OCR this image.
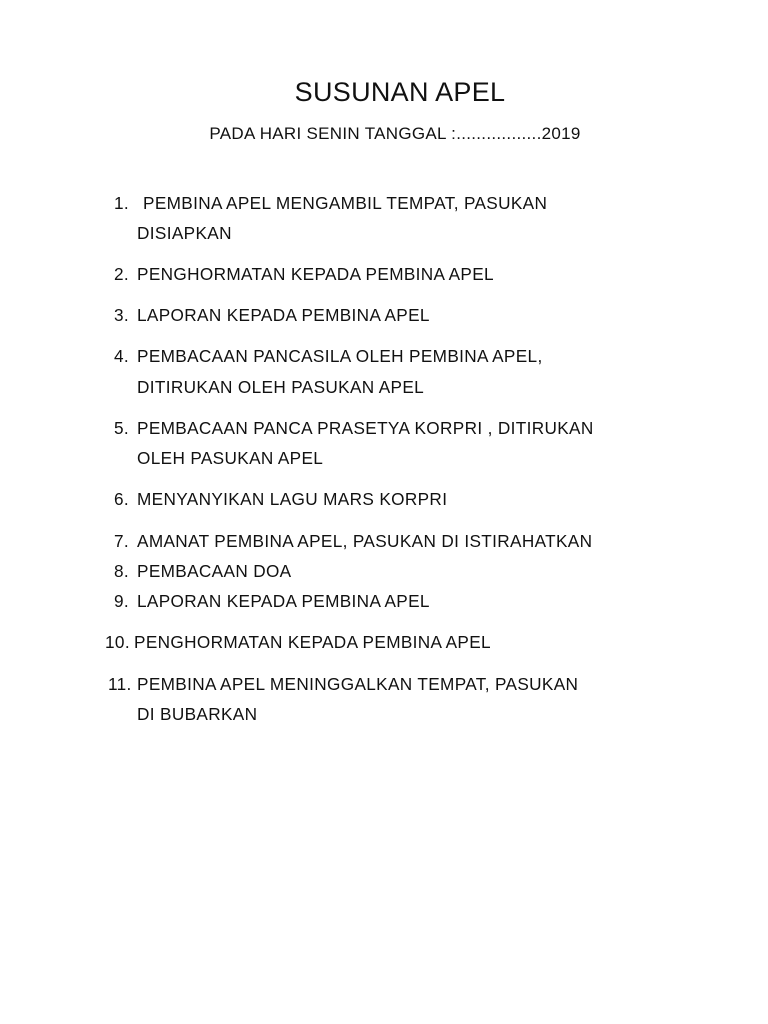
SUSUNAN APEL
PADA HARI SENIN TANGGAL :.................2019
1. PEMBINA APEL MENGAMBIL TEMPAT, PASUKAN
DISIAPKAN
2. PENGHORMATAN KEPADA PEMBINA APEL
3. LAPORAN KEPADA PEMBINA APEL
4. PEMBACAAN PANCASILA OLEH PEMBINA APEL,
DITIRUKAN OLEH PASUKAN APEL
5. PEMBACAAN PANCA PRASETYA KORPRI , DITIRUKAN
OLEH PASUKAN APEL
6. MENYANYIKAN LAGU MARS KORPRI
7. AMANAT PEMBINA APEL, PASUKAN DI ISTIRAHATKAN
8. PEMBACAAN DOA
9. LAPORAN KEPADA PEMBINA APEL
10. PENGHORMATAN KEPADA PEMBINA APEL
11. PEMBINA APEL MENINGGALKAN TEMPAT, PASUKAN
DI BUBARKAN
